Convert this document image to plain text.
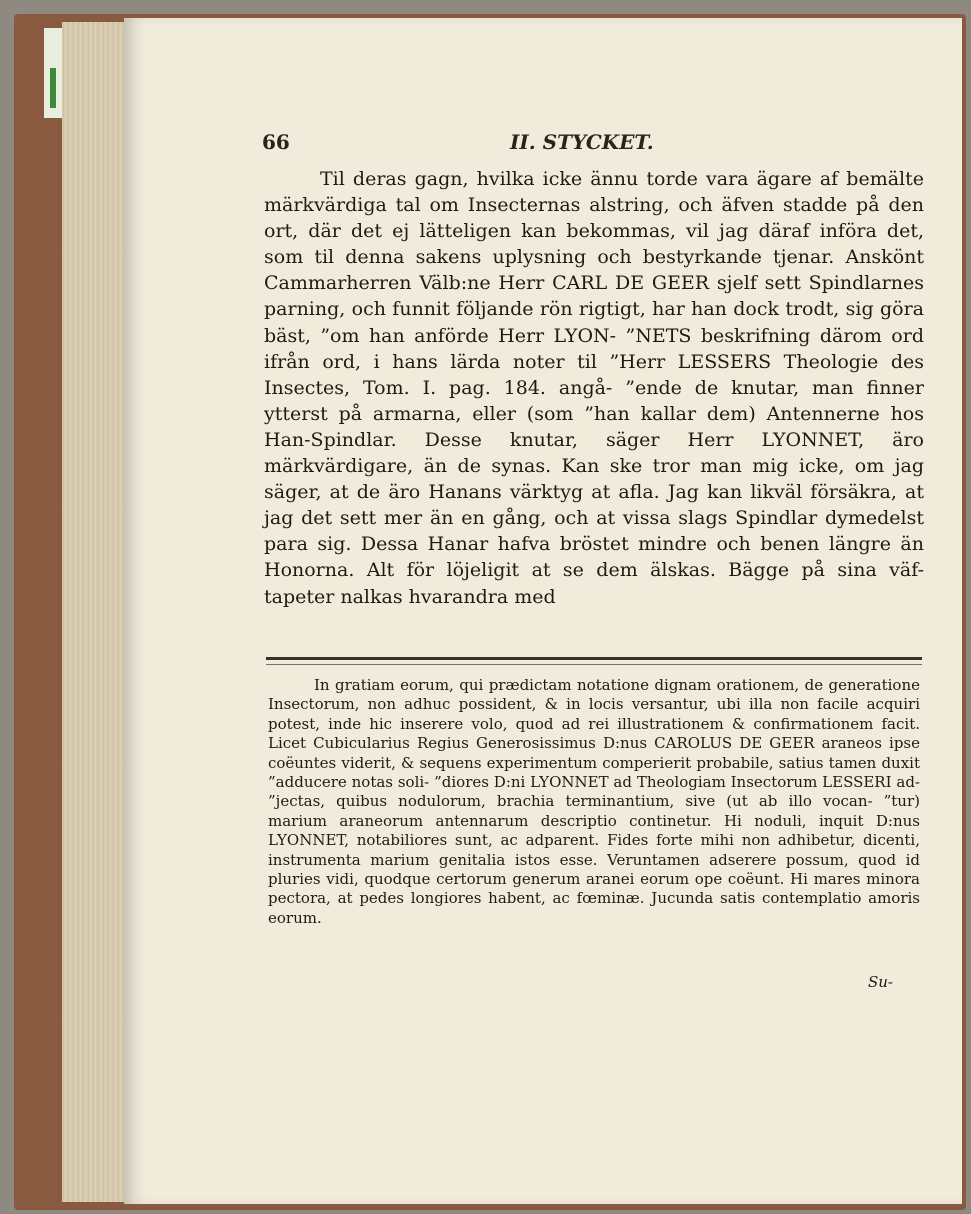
66	II. STYCKET.

Til deras gagn, hvilka icke ännu torde vara ägare af bemälte märkvärdiga tal om Insecternas alstring, och äfven stadde på den ort, där det ej lätteligen kan bekommas, vil jag däraf införa det, som til denna sakens uplysning och bestyrkande tjenar. Anskönt Cammarherren Välb:ne Herr CARL DE GEER sjelf sett Spindlarnes parning, och funnit följande rön rigtigt, har han dock trodt, sig göra bäst, ”om han anförde Herr LYON- ”NETS beskrifning därom ord ifrån ord, i hans lärda noter til ”Herr LESSERS Theologie des Insectes, Tom. I. pag. 184. angå- ”ende de knutar, man finner ytterst på armarna, eller (som ”han kallar dem) Antennerne hos Han-Spindlar. Desse knutar, säger Herr LYONNET, äro märkvärdigare, än de synas. Kan ske tror man mig icke, om jag säger, at de äro Hanans värktyg at afla. Jag kan likväl försäkra, at jag det sett mer än en gång, och at vissa slags Spindlar dymedelst para sig. Dessa Hanar hafva bröstet mindre och benen längre än Honorna. Alt för löjeligit at se dem älskas. Bägge på sina väf-tapeter nalkas hvarandra med

In gratiam eorum, qui prædictam notatione dignam orationem, de generatione Insectorum, non adhuc possident, & in locis versantur, ubi illa non facile acquiri potest, inde hic inserere volo, quod ad rei illustrationem & confirmationem facit. Licet Cubicularius Regius Generosissimus D:nus CAROLUS DE GEER araneos ipse coëuntes viderit, & sequens experimentum comperierit probabile, satius tamen duxit ”adducere notas soli- ”diores D:ni LYONNET ad Theologiam Insectorum LESSERI ad- ”jectas, quibus nodulorum, brachia terminantium, sive (ut ab illo vocan- ”tur) marium araneorum antennarum descriptio continetur. Hi noduli, inquit D:nus LYONNET, notabiliores sunt, ac adparent. Fides forte mihi non adhibetur, dicenti, instrumenta marium genitalia istos esse. Veruntamen adserere possum, quod id pluries vidi, quodque certorum generum aranei eorum ope coëunt. Hi mares minora pectora, at pedes longiores habent, ac fœminæ. Jucunda satis contemplatio amoris eorum.

Su-
